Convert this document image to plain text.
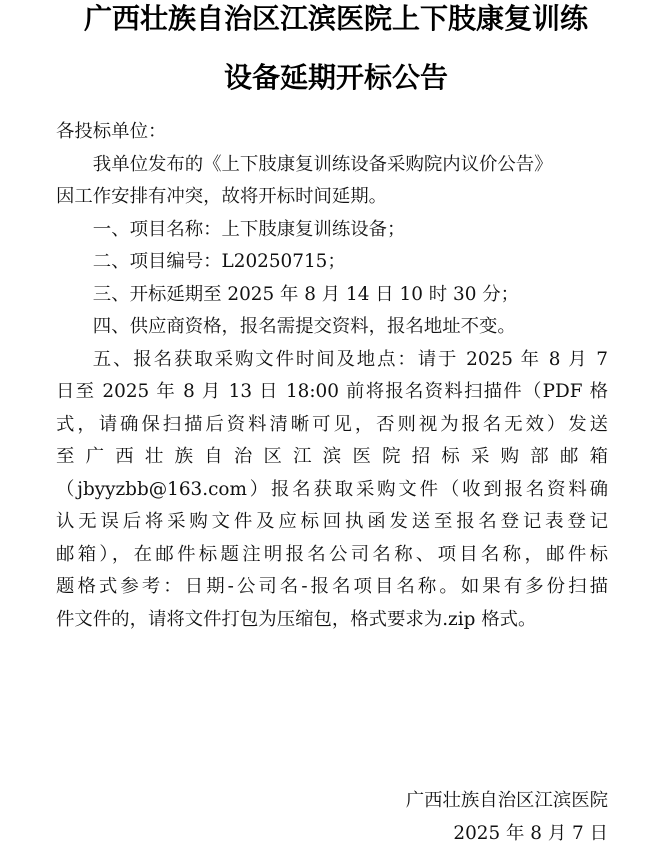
广西壮族自治区江滨医院上下肢康复训练
设备延期开标公告

各投标单位：

我单位发布的《上下肢康复训练设备采购院内议价公告》

因工作安排有冲突，故将开标时间延期。

一、项目名称：上下肢康复训练设备；

二、项目编号：L20250715；

三、开标延期至 2025 年 8 月 14 日 10 时 30 分；

四、供应商资格，报名需提交资料，报名地址不变。

五、报名获取采购文件时间及地点：请于 2025 年 8 月 7

日至 2025 年 8 月 13 日 18:00 前将报名资料扫描件（PDF 格

式，请确保扫描后资料清晰可见，否则视为报名无效）发送

至广西壮族自治区江滨医院招标采购部邮箱

（jbyyzbb@163.com）报名获取采购文件（收到报名资料确

认无误后将采购文件及应标回执函发送至报名登记表登记

邮箱），在邮件标题注明报名公司名称、项目名称，邮件标

题格式参考：日期-公司名-报名项目名称。如果有多份扫描

件文件的，请将文件打包为压缩包，格式要求为.zip 格式。

广西壮族自治区江滨医院
2025 年 8 月 7 日
